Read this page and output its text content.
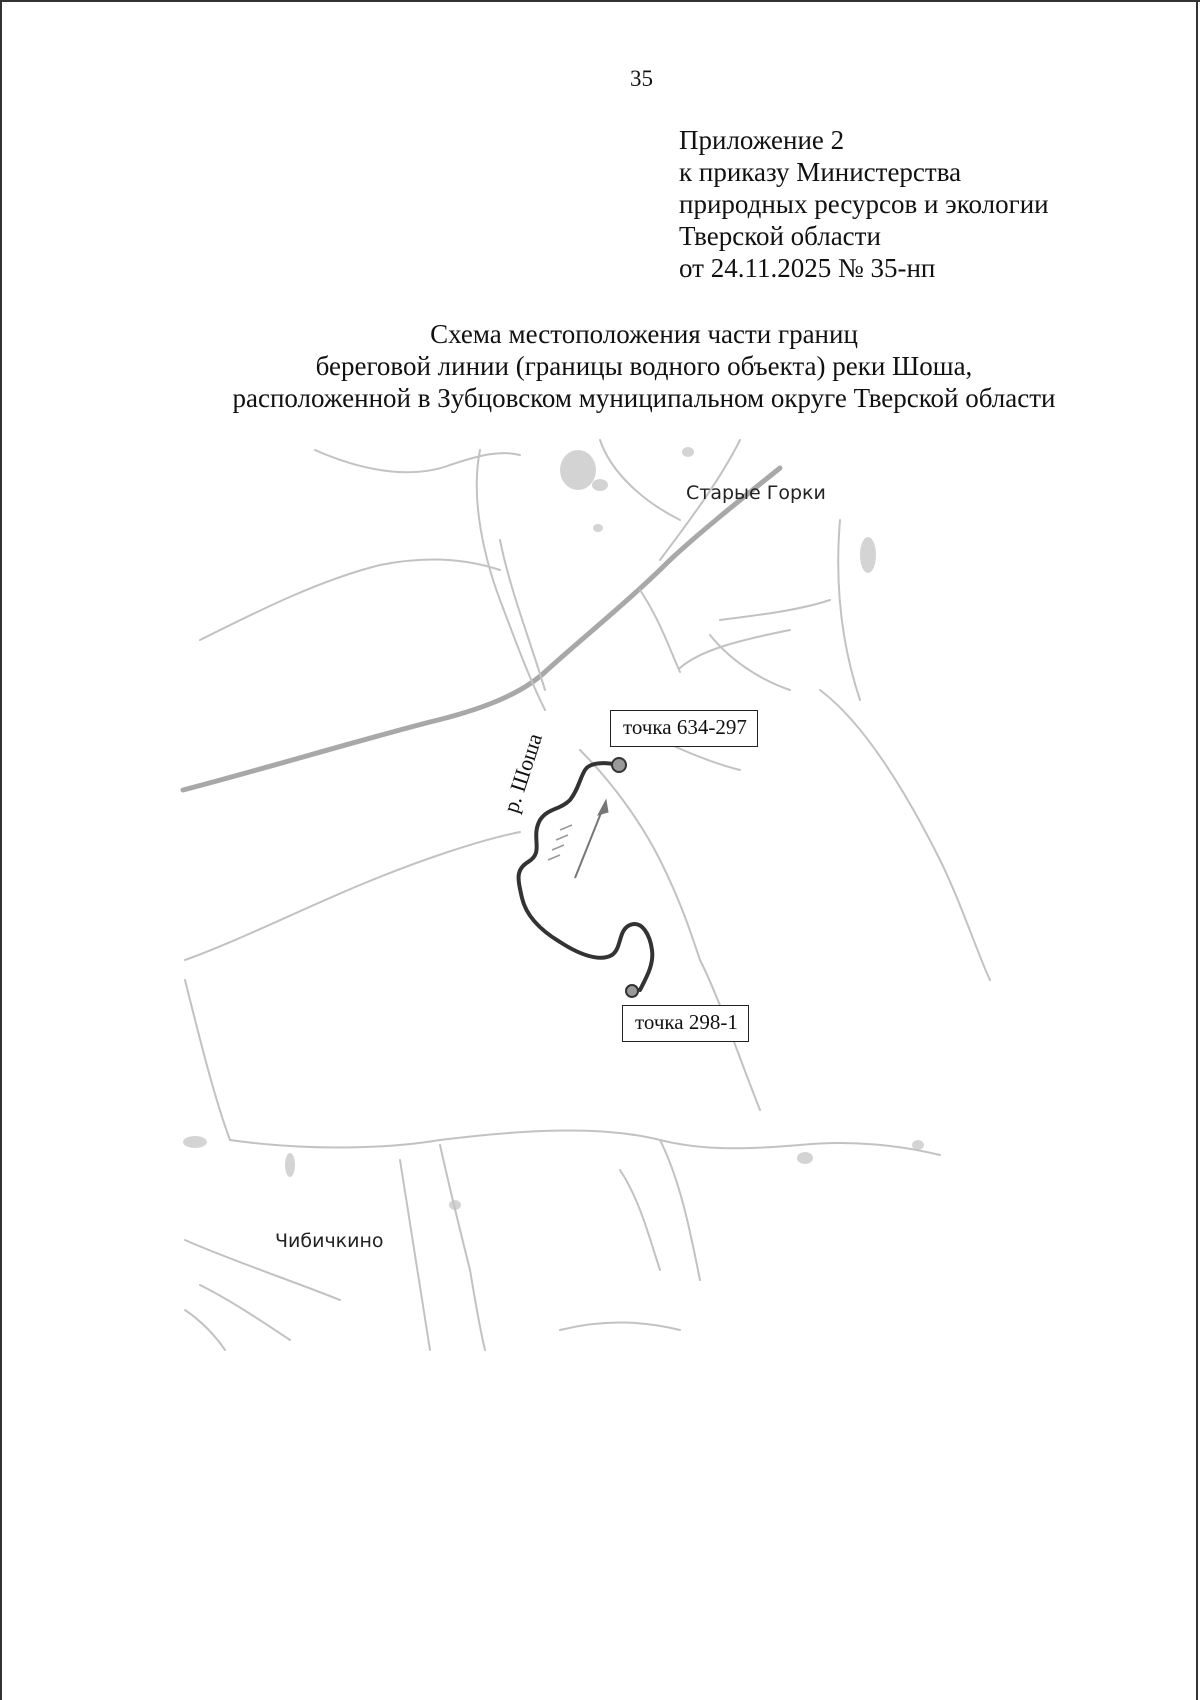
35
Приложение 2
к приказу Министерства
природных ресурсов и экологии
Тверской области
от 24.11.2025 № 35-нп
Схема местоположения части границ
береговой линии (границы водного объекта) реки Шоша,
расположенной в Зубцовском муниципальном округе Тверской области
Старые Горки
Чибичкино
р. Шоша
точка 634-297
точка 298-1
